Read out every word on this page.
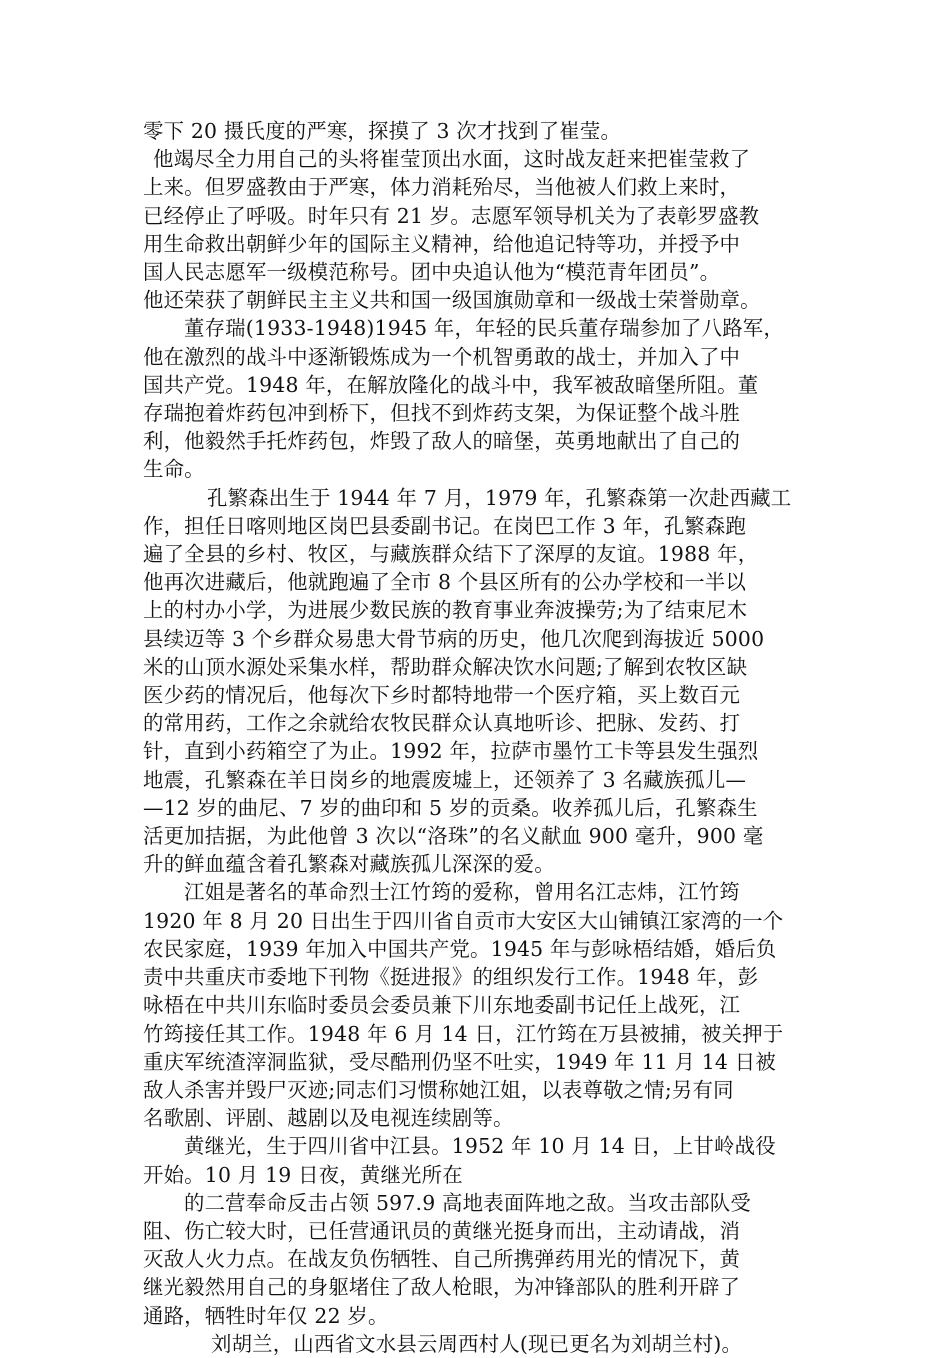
零下 20 摄氏度的严寒，探摸了 3 次才找到了崔莹。
他竭尽全力用自己的头将崔莹顶出水面，这时战友赶来把崔莹救了
上来。但罗盛教由于严寒，体力消耗殆尽，当他被人们救上来时，
已经停止了呼吸。时年只有 21 岁。志愿军领导机关为了表彰罗盛教
用生命救出朝鲜少年的国际主义精神，给他追记特等功，并授予中
国人民志愿军一级模范称号。团中央追认他为“模范青年团员”。
他还荣获了朝鲜民主主义共和国一级国旗勋章和一级战士荣誉勋章。
董存瑞(1933-1948)1945 年，年轻的民兵董存瑞参加了八路军，
他在激烈的战斗中逐渐锻炼成为一个机智勇敢的战士，并加入了中
国共产党。1948 年，在解放隆化的战斗中，我军被敌暗堡所阻。董
存瑞抱着炸药包冲到桥下，但找不到炸药支架，为保证整个战斗胜
利，他毅然手托炸药包，炸毁了敌人的暗堡，英勇地献出了自己的
生命。
孔繁森出生于 1944 年 7 月，1979 年，孔繁森第一次赴西藏工
作，担任日喀则地区岗巴县委副书记。在岗巴工作 3 年，孔繁森跑
遍了全县的乡村、牧区，与藏族群众结下了深厚的友谊。1988 年，
他再次进藏后，他就跑遍了全市 8 个县区所有的公办学校和一半以
上的村办小学，为进展少数民族的教育事业奔波操劳;为了结束尼木
县续迈等 3 个乡群众易患大骨节病的历史，他几次爬到海拔近 5000
米的山顶水源处采集水样，帮助群众解决饮水问题;了解到农牧区缺
医少药的情况后，他每次下乡时都特地带一个医疗箱，买上数百元
的常用药，工作之余就给农牧民群众认真地听诊、把脉、发药、打
针，直到小药箱空了为止。1992 年，拉萨市墨竹工卡等县发生强烈
地震，孔繁森在羊日岗乡的地震废墟上，还领养了 3 名藏族孤儿—
—12 岁的曲尼、7 岁的曲印和 5 岁的贡桑。收养孤儿后，孔繁森生
活更加拮据，为此他曾 3 次以“洛珠”的名义献血 900 毫升，900 毫
升的鲜血蕴含着孔繁森对藏族孤儿深深的爱。
江姐是著名的革命烈士江竹筠的爱称，曾用名江志炜，江竹筠
1920 年 8 月 20 日出生于四川省自贡市大安区大山铺镇江家湾的一个
农民家庭，1939 年加入中国共产党。1945 年与彭咏梧结婚，婚后负
责中共重庆市委地下刊物《挺进报》的组织发行工作。1948 年，彭
咏梧在中共川东临时委员会委员兼下川东地委副书记任上战死，江
竹筠接任其工作。1948 年 6 月 14 日，江竹筠在万县被捕，被关押于
重庆军统渣滓洞监狱，受尽酷刑仍坚不吐实，1949 年 11 月 14 日被
敌人杀害并毁尸灭迹;同志们习惯称她江姐，以表尊敬之情;另有同
名歌剧、评剧、越剧以及电视连续剧等。
黄继光，生于四川省中江县。1952 年 10 月 14 日，上甘岭战役
开始。10 月 19 日夜，黄继光所在
的二营奉命反击占领 597.9 高地表面阵地之敌。当攻击部队受
阻、伤亡较大时，已任营通讯员的黄继光挺身而出，主动请战，消
灭敌人火力点。在战友负伤牺牲、自己所携弹药用光的情况下，黄
继光毅然用自己的身躯堵住了敌人枪眼，为冲锋部队的胜利开辟了
通路，牺牲时年仅 22 岁。
刘胡兰，山西省文水县云周西村人(现已更名为刘胡兰村)。
